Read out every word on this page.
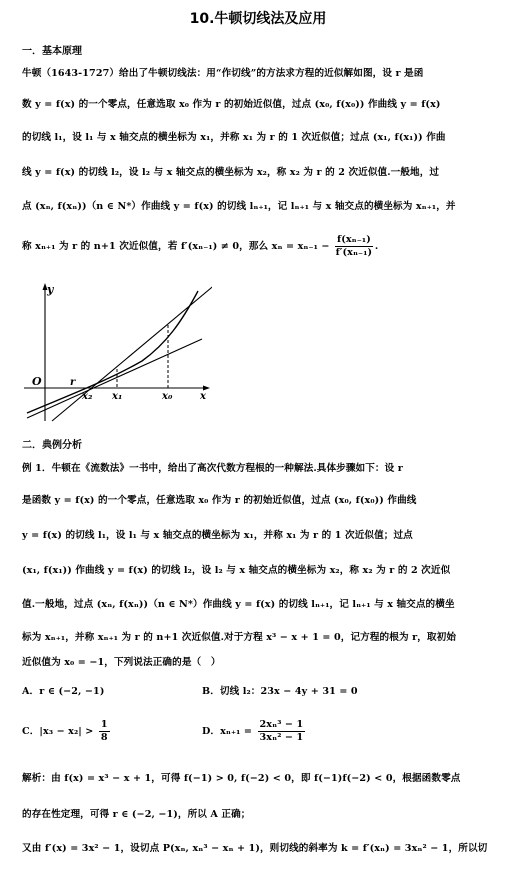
10.牛顿切线法及应用
一．基本原理
牛顿（1643-1727）给出了牛顿切线法：用“作切线”的方法求方程的近似解如图，设 r 是函
数 y = f(x) 的一个零点，任意选取 x₀ 作为 r 的初始近似值，过点 (x₀, f(x₀)) 作曲线 y = f(x)
的切线 l₁，设 l₁ 与 x 轴交点的横坐标为 x₁，并称 x₁ 为 r 的 1 次近似值；过点 (x₁, f(x₁)) 作曲
线 y = f(x) 的切线 l₂，设 l₂ 与 x 轴交点的横坐标为 x₂，称 x₂ 为 r 的 2 次近似值.一般地，过
点 (xₙ, f(xₙ))（n ∈ N*）作曲线 y = f(x) 的切线 lₙ₊₁，记 lₙ₊₁ 与 x 轴交点的横坐标为 xₙ₊₁，并
称 xₙ₊₁ 为 r 的 n+1 次近似值，若 f′(xₙ₋₁) ≠ 0，那么 $x_n = x_{n-1} - \frac{\text{f(xₙ₋₁)}}{\text{f′(xₙ₋₁)}}$ .
y
O	r
x₂ x₁	x₀	x
二．典例分析
例 1．牛顿在《流数法》一书中，给出了高次代数方程根的一种解法.具体步骤如下：设 r
是函数 y = f(x) 的一个零点，任意选取 x₀ 作为 r 的初始近似值，过点 (x₀, f(x₀)) 作曲线
y = f(x) 的切线 l₁，设 l₁ 与 x 轴交点的横坐标为 x₁，并称 x₁ 为 r 的 1 次近似值；过点
(x₁, f(x₁)) 作曲线 y = f(x) 的切线 l₂，设 l₂ 与 x 轴交点的横坐标为 x₂，称 x₂ 为 r 的 2 次近似
值.一般地，过点 (xₙ, f(xₙ))（n ∈ N*）作曲线 y = f(x) 的切线 lₙ₊₁，记 lₙ₊₁ 与 x 轴交点的横坐
标为 xₙ₊₁，并称 xₙ₊₁ 为 r 的 n+1 次近似值.对于方程 x³ − x + 1 = 0，记方程的根为 r，取初始
近似值为 x₀ = −1，下列说法正确的是（　）
A．r ∈ (−2, −1)	B．切线 l₂：23x − 4y + 31 = 0
C．$|x_3 - x_2| > \frac{1}{8}$	D．$x_{n+1} = \frac{\text{2xₙ³ − 1}}{\text{3xₙ² − 1}}$
解析：由 f(x) = x³ − x + 1，可得 f(−1) > 0, f(−2) < 0，即 f(−1)f(−2) < 0，根据函数零点
的存在性定理，可得 r ∈ (−2, −1)，所以 A 正确；
又由 f′(x) = 3x² − 1，设切点 P(xₙ, xₙ³ − xₙ + 1)，则切线的斜率为 k = f′(xₙ) = 3xₙ² − 1，所以切
